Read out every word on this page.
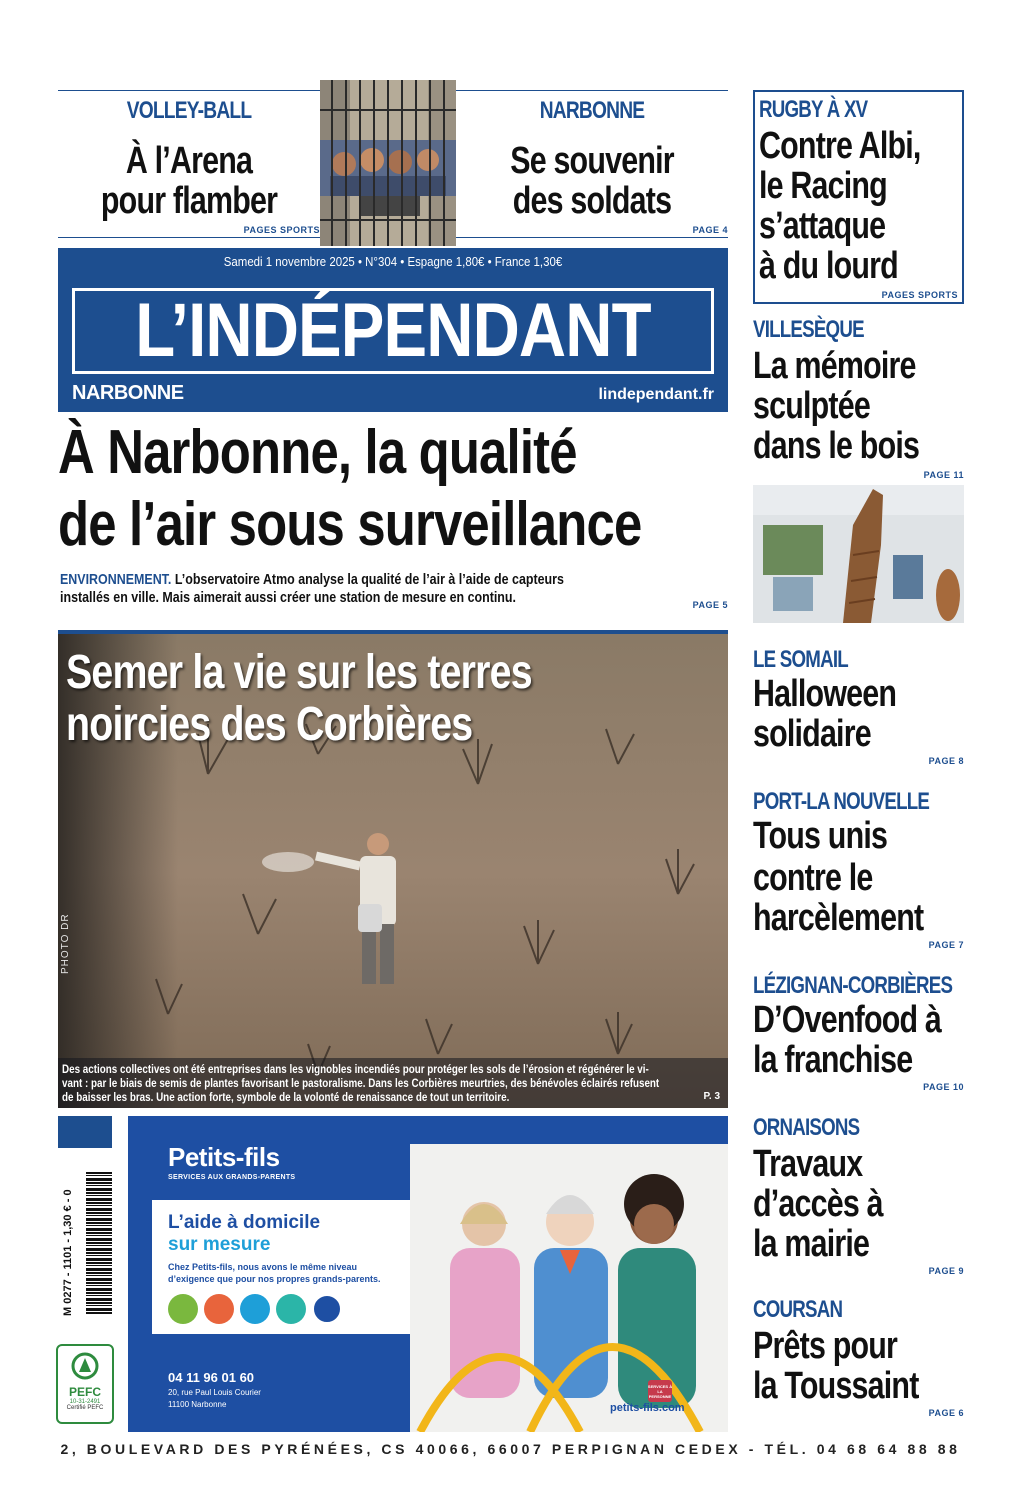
VOLLEY-BALL
À l’Arena
pour flamber
PAGES SPORTS
NARBONNE
Se souvenir
des soldats
PAGE 4
Samedi 1 novembre 2025 • N°304 • Espagne 1,80€ • France 1,30€
L’INDÉPENDANT
NARBONNE	lindependant.fr
À Narbonne, la qualité
de l’air sous surveillance
ENVIRONNEMENT. L’observatoire Atmo analyse la qualité de l’air à l’aide de capteurs
installés en ville. Mais aimerait aussi créer une station de mesure en continu.	PAGE 5
Semer la vie sur les terres
noircies des Corbières
PHOTO DR
Des actions collectives ont été entreprises dans les vignobles incendiés pour protéger les sols de l’érosion et régénérer le vi-
vant : par le biais de semis de plantes favorisant le pastoralisme. Dans les Corbières meurtries, des bénévoles éclairés refusent
de baisser les bras. Une action forte, symbole de la volonté de renaissance de tout un territoire.	P. 3
M 0277 - 1101 - 1,30 € - 0
PEFC
10-31-2491
Certifié PEFC
Petits-fils
SERVICES AUX GRANDS-PARENTS
L’aide à domicile
sur mesure
Chez Petits-fils, nous avons le même niveau
d’exigence que pour nos propres grands-parents.
04 11 96 01 60
20, rue Paul Louis Courier
11100 Narbonne
SERVICES À LA PERSONNE
petits-fils.com
RUGBY À XV
Contre Albi,
le Racing
s’attaque
à du lourd
PAGES SPORTS
VILLESÈQUE
La mémoire
sculptée
dans le bois
PAGE 11
LE SOMAIL
Halloween
solidaire
PAGE 8
PORT-LA NOUVELLE
Tous unis
contre le
harcèlement
PAGE 7
LÉZIGNAN-CORBIÈRES
D’Ovenfood à
la franchise
PAGE 10
ORNAISONS
Travaux
d’accès à
la mairie
PAGE 9
COURSAN
Prêts pour
la Toussaint
PAGE 6
2, BOULEVARD DES PYRÉNÉES, CS 40066, 66007 PERPIGNAN CEDEX - TÉL. 04 68 64 88 88
